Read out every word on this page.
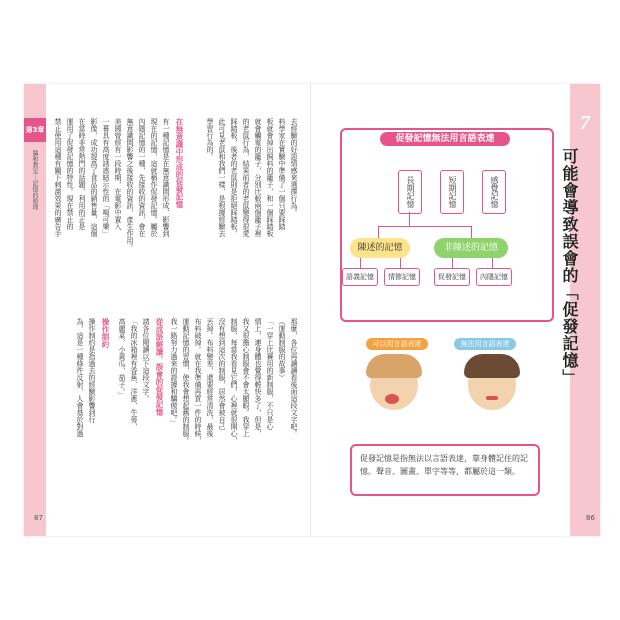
7
可能會導致誤會的「促發記憶」
促發記憶無法用言語表達
長期記憶	短期記憶	感覺記憶
陳述的記憶	非陳述的記憶
語義記憶	情節記憶	促發記憶	內隱記憶
可以用言語表達	無法用言語表達
促發記憶是指無法以言語表達，靠身體記住的記憶。聲音、圖畫、單字等等，都屬於這一類。
86
第3章
腦和教室－記憶的原理
87
去經驗的好惡情感來選擇行為。
料學家在實驗中準備了一個只要踩踏
板就會掉出飼料的籠子，和一個踩踏板
就會觸電的籠子，分別比較兩個籠子裡
的老鼠行為，結果前者的老鼠變得很愛
踩踏板，後者的老鼠則是拒絕踩踏板，
此可見老鼠和我們一樣，是根據經驗去
學習行為的。
在無意識中形成的促發記憶
有一種記憶是在無意識間形成、影響到
現在的記憶，這就稱作促發記憶。屬於
內隱記憶的一種，先接收的資訊，會在
無意識間影響之後接收的資訊，產生作用。
美國曾經有一段時期，在電影中置入
一幕具有高度誘惑暗示性的「喝可樂」
影像，成功提高了食品的銷售量，這個
在當時非常熱門的話題，利用的正是
運用了促發記憶的特性。現在禁止的
禁止使用這種有關下刺激效果的廣告手
那麼，各位再讀讀看後面這段文字吧。
（運動制服的故事）
「一穿上比賽用的新制服，不只是心
情上，連身體也覺得輕快多了，但是，
我又很擔心制服會不會太顯眼。我穿上
制服，每當我看見它們，心裡就很開心，
沒有想到這次的制服，居然會被自己
丟掉。布料變差，還要經常清洗，最後
布料破掉。就在我準備再買一件的時候，
運動記憶的習慣，使我會想起舊的制服。
我一路努力過來的證據和驕傲吧。」
從成語解讀，誤會的促發記憶
請各位閱讀以下這段文字。
「我的冰箱裡有香蕉、洋蔥、牛蒡，
高麗菜、小黃瓜、茄子。」
操作制約
操作制約是指過去的經驗影響到行
為，這是一種條件反射，人會基於對過
